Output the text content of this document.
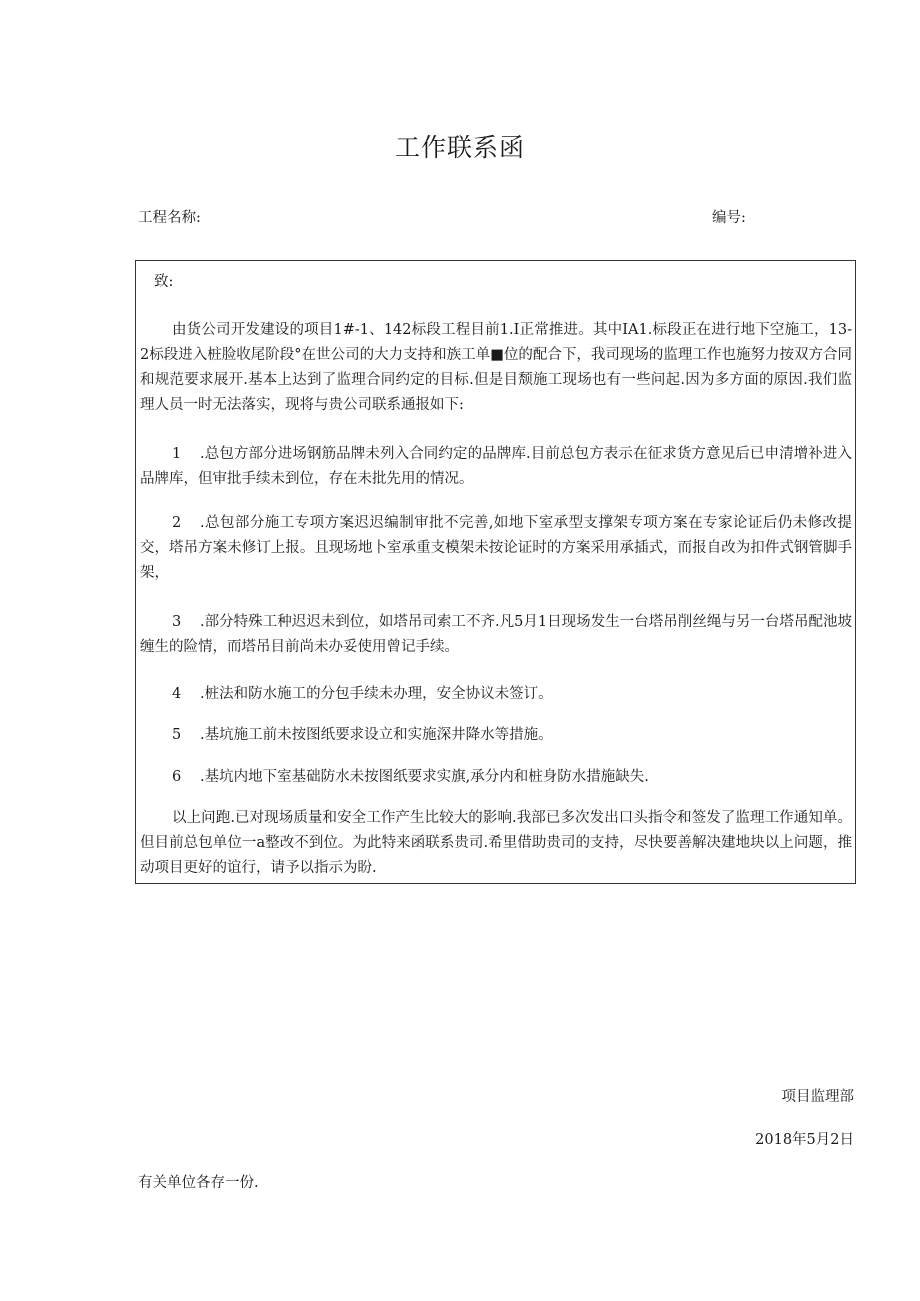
工作联系函
工程名称:	编号:
致:

由货公司开发建设的项目1#-1、142标段工程目前1.I正常推进。其中IA1.标段正在进行地下空施工，13-2标段进入桩脸收尾阶段°在世公司的大力支持和族工单■位的配合下，我司现场的监理工作也施努力按双方合同和规范要求展开.基本上达到了监理合同约定的目标.但是目颓施工现场也有一些问起.因为多方面的原因.我们监理人员一时无法落实，现将与贵公司联系通报如下:

1 .总包方部分进场钢筋品牌未列入合同约定的品牌库.目前总包方表示在征求货方意见后已申清增补进入品牌库，但审批手续未到位，存在未批先用的情况。

2 .总包部分施工专项方案迟迟编制审批不完善,如地下室承型支撑架专项方案在专家论证后仍未修改提交，塔吊方案未修订上报。且现场地卜室承重支模架未按论证时的方案采用承插式，而报自改为扣件式钢管脚手架，

3 .部分特殊工种迟迟未到位，如塔吊司索工不齐.凡5月1日现场发生一台塔吊削丝绳与另一台塔吊配池坡缠生的险情，而塔吊目前尚未办妥使用曾记手续。

4 .桩法和防水施工的分包手续未办理，安全协议未签订。

5 .基坑施工前未按图纸要求设立和实施深井降水等措施。

6 .基坑内地下室基础防水未按图纸要求实旗,承分内和桩身防水措施缺失.

以上问跑.已对现场质量和安全工作产生比较大的影响.我部已多次发出口头指令和签发了监理工作通知单。但目前总包单位一a整改不到位。为此特来函联系贵司.希里借助贵司的支持，尽快要善解决建地块以上问题，推动项目更好的谊行，请予以指示为盼.

项目监理部
2018年5月2日
有关单位各存一份.
